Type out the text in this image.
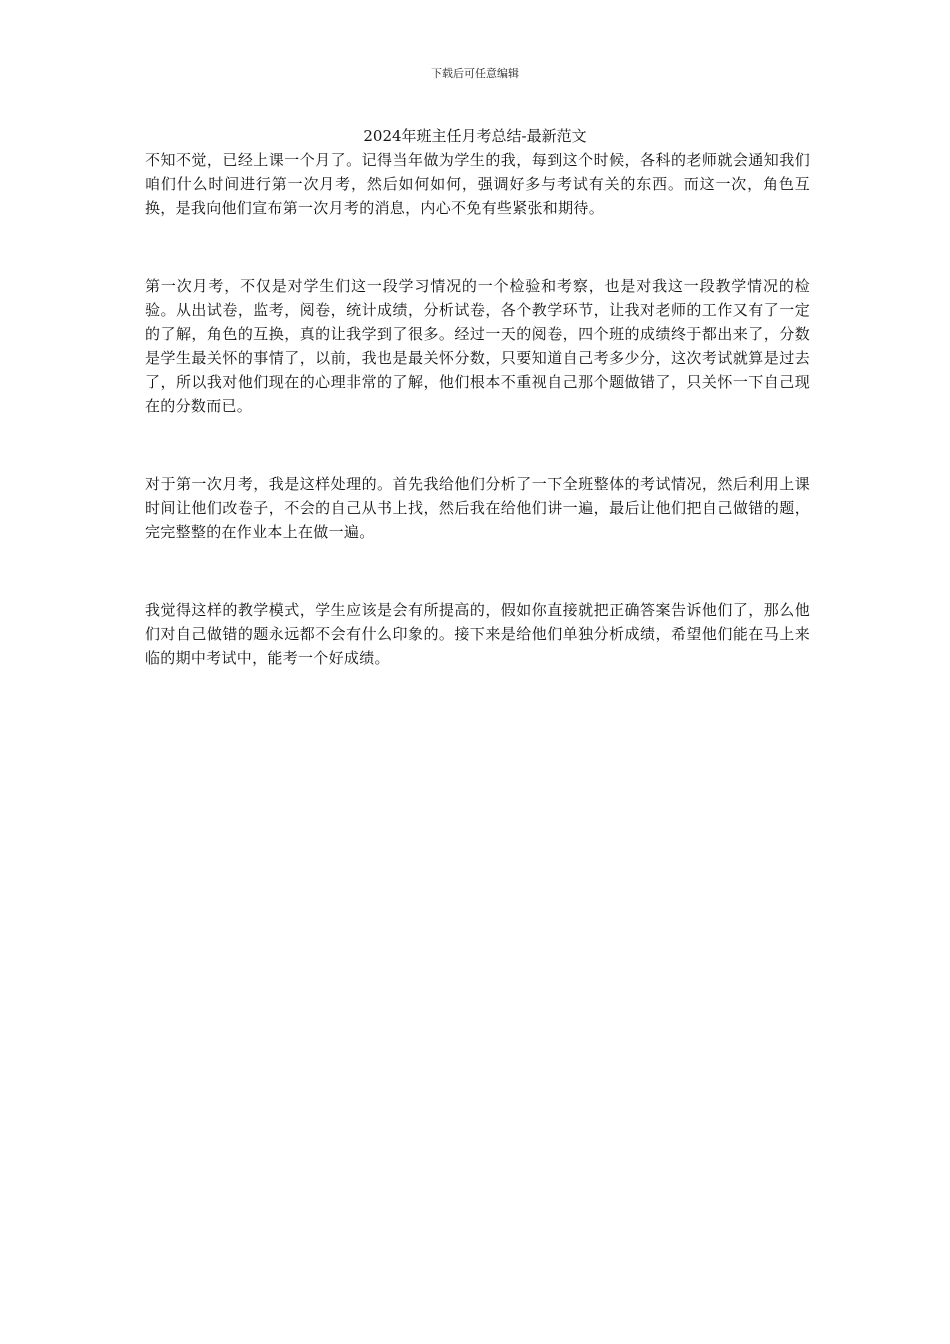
下载后可任意编辑
2024年班主任月考总结-最新范文

不知不觉，已经上课一个月了。记得当年做为学生的我，每到这个时候，各科的老师就会通知我们咱们什么时间进行第一次月考，然后如何如何，强调好多与考试有关的东西。而这一次，角色互换，是我向他们宣布第一次月考的消息，内心不免有些紧张和期待。

第一次月考，不仅是对学生们这一段学习情况的一个检验和考察，也是对我这一段教学情况的检验。从出试卷，监考，阅卷，统计成绩，分析试卷，各个教学环节，让我对老师的工作又有了一定的了解，角色的互换，真的让我学到了很多。经过一天的阅卷，四个班的成绩终于都出来了，分数是学生最关怀的事情了，以前，我也是最关怀分数，只要知道自己考多少分，这次考试就算是过去了，所以我对他们现在的心理非常的了解，他们根本不重视自己那个题做错了，只关怀一下自己现在的分数而已。

对于第一次月考，我是这样处理的。首先我给他们分析了一下全班整体的考试情况，然后利用上课时间让他们改卷子，不会的自己从书上找，然后我在给他们讲一遍，最后让他们把自己做错的题，完完整整的在作业本上在做一遍。

我觉得这样的教学模式，学生应该是会有所提高的，假如你直接就把正确答案告诉他们了，那么他们对自己做错的题永远都不会有什么印象的。接下来是给他们单独分析成绩，希望他们能在马上来临的期中考试中，能考一个好成绩。
